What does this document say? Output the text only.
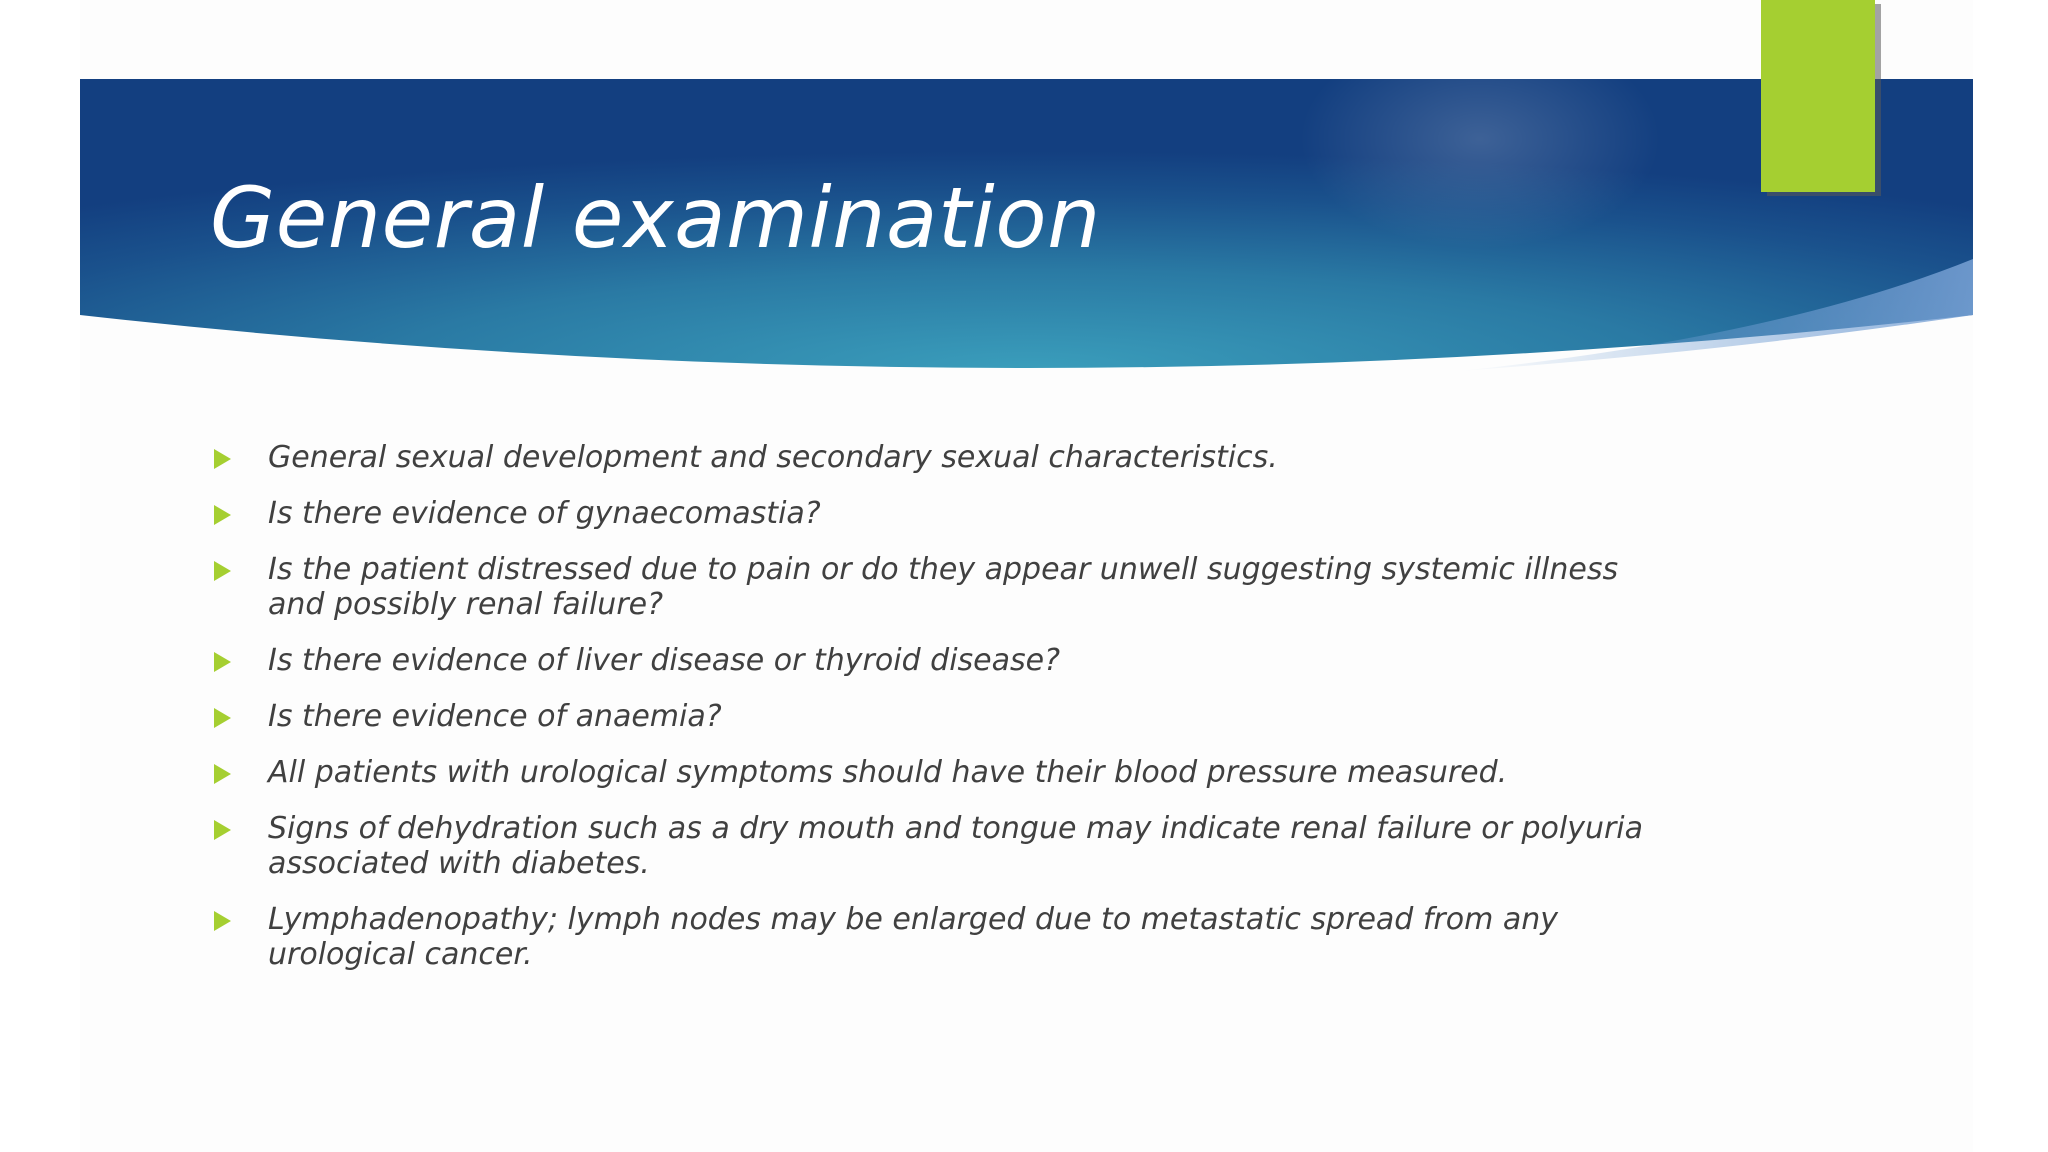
General examination
General sexual development and secondary sexual characteristics.
Is there evidence of gynaecomastia?
Is the patient distressed due to pain or do they appear unwell suggesting systemic illness and possibly renal failure?
Is there evidence of liver disease or thyroid disease?
Is there evidence of anaemia?
All patients with urological symptoms should have their blood pressure measured.
Signs of dehydration such as a dry mouth and tongue may indicate renal failure or polyuria associated with diabetes.
Lymphadenopathy; lymph nodes may be enlarged due to metastatic spread from any urological cancer.
